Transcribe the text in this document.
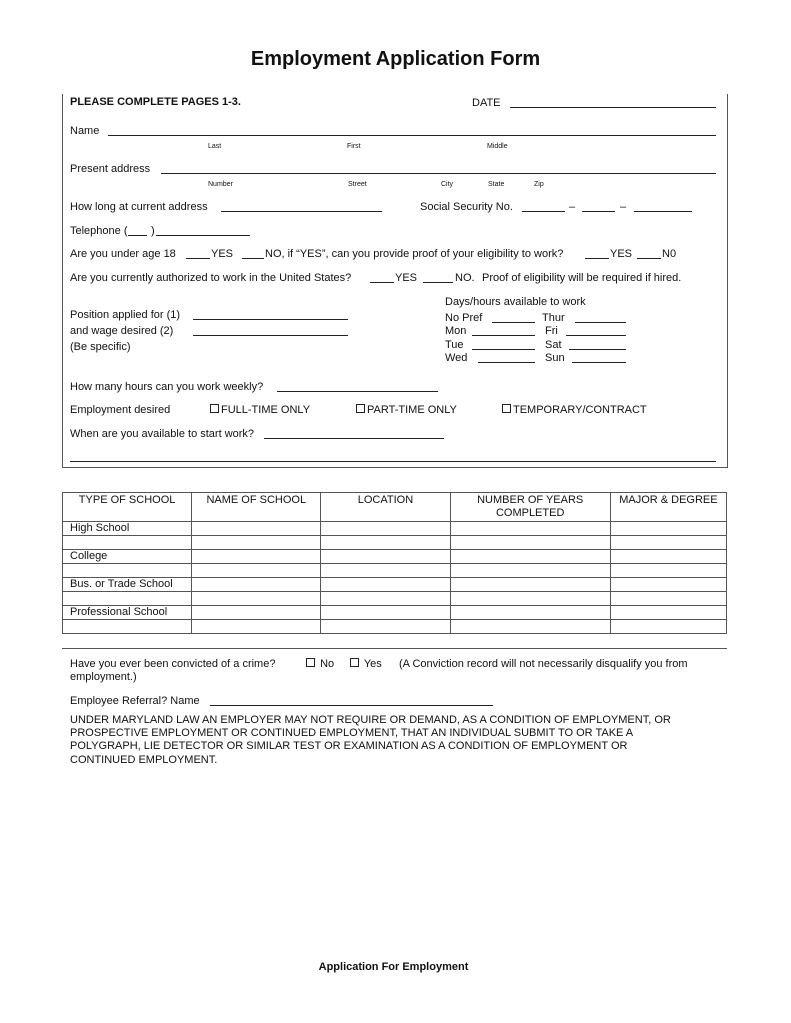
Employment Application Form
PLEASE COMPLETE PAGES 1-3.	DATE
Name
Last	First	Middle
Present address
Number	Street	City	State	Zip
How long at current address	Social Security No.	–	–
Telephone ( )
Are you under age 18	YES	NO, if “YES”, can you provide proof of your eligibility to work?	YES	N0
Are you currently authorized to work in the United States?	YES	NO. Proof of eligibility will be required if hired.
Position applied for (1)
and wage desired (2)
(Be specific)
Days/hours available to work
No Pref	Thur
Mon	Fri
Tue	Sat
Wed	Sun
How many hours can you work weekly?
Employment desired	FULL-TIME ONLY	PART-TIME ONLY	TEMPORARY/CONTRACT
When are you available to start work?
TYPE OF SCHOOL	NAME OF SCHOOL	LOCATION	NUMBER OF YEARS COMPLETED	MAJOR & DEGREE
High School				

College				

Bus. or Trade School				

Professional School				

Have you ever been convicted of a crime?	No	Yes (A Conviction record will not necessarily disqualify you from
employment.)
Employee Referral? Name
UNDER MARYLAND LAW AN EMPLOYER MAY NOT REQUIRE OR DEMAND, AS A CONDITION OF EMPLOYMENT, OR
PROSPECTIVE EMPLOYMENT OR CONTINUED EMPLOYMENT, THAT AN INDIVIDUAL SUBMIT TO OR TAKE A
POLYGRAPH, LIE DETECTOR OR SIMILAR TEST OR EXAMINATION AS A CONDITION OF EMPLOYMENT OR
CONTINUED EMPLOYMENT.
Application For Employment
